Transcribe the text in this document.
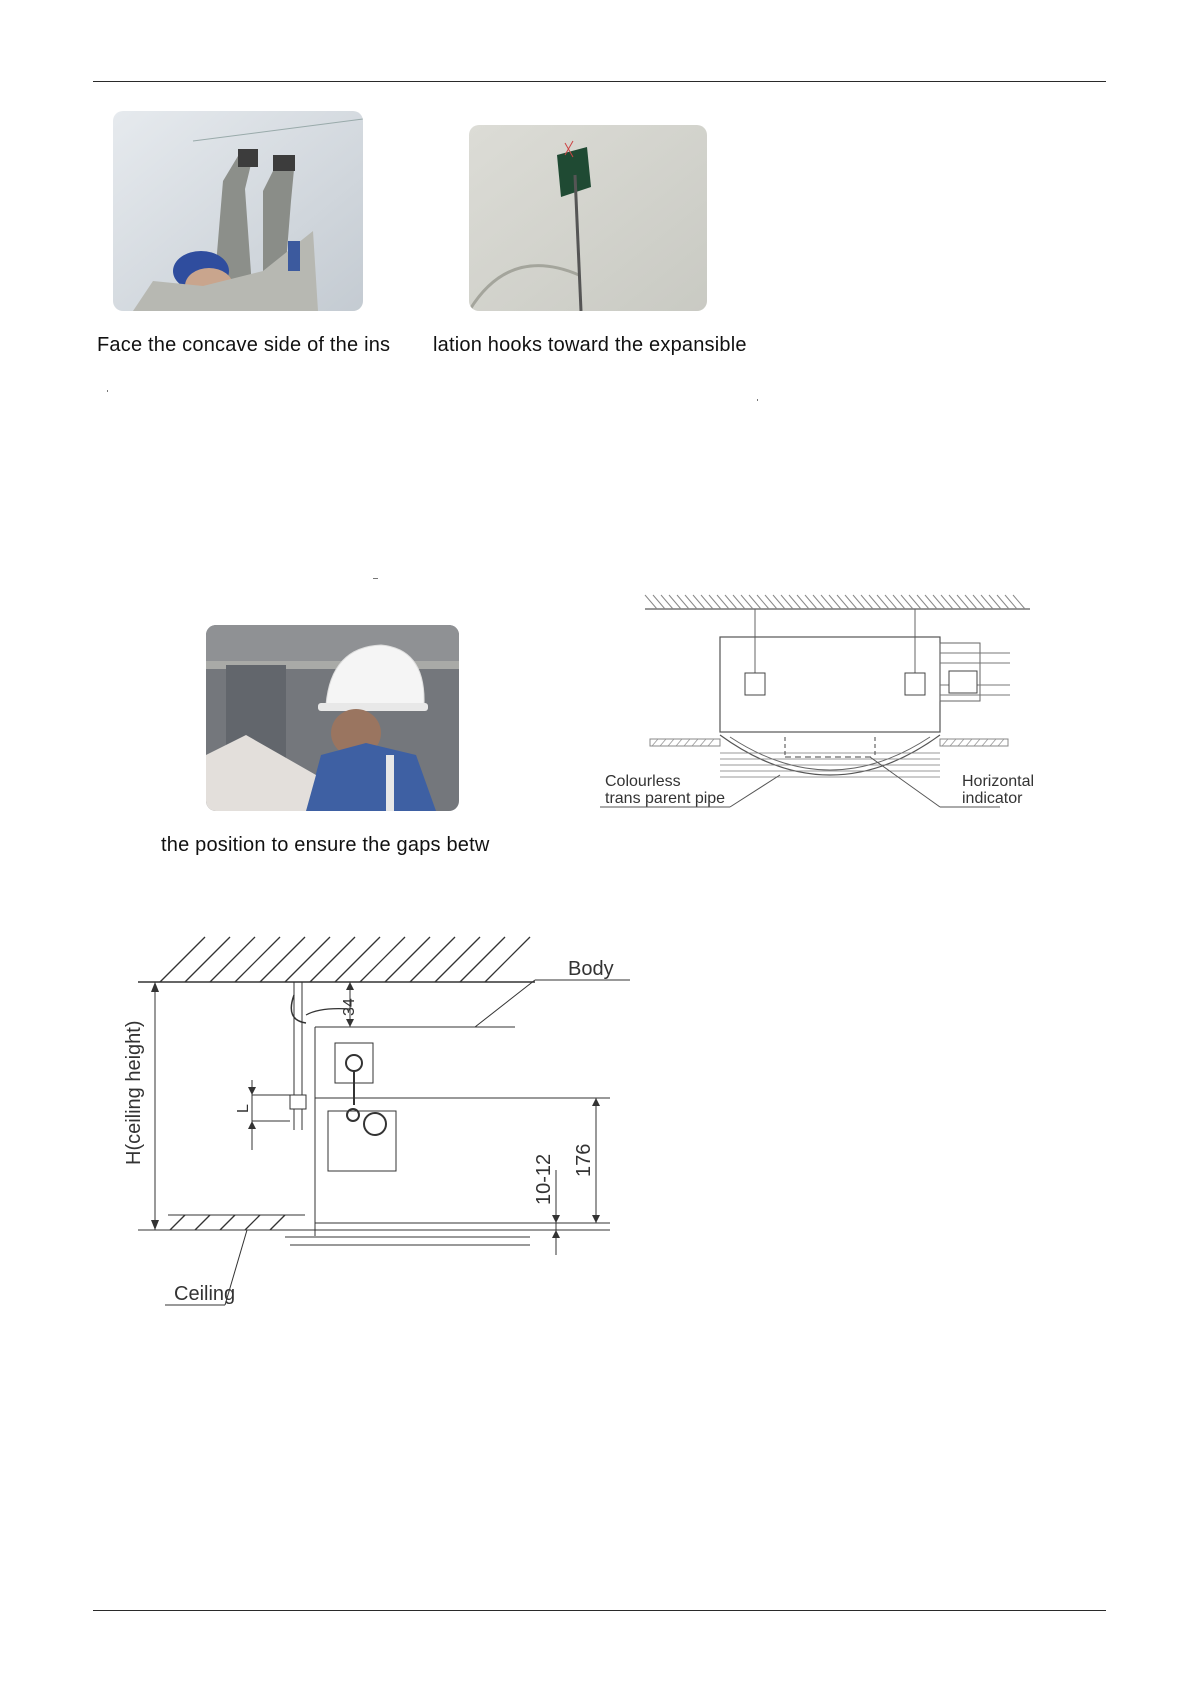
Face the concave side of the ins lation hooks toward the expansible
the position to ensure the gaps betw
Colourless
trans parent pipe
Horizontal
indicator
H(ceiling height)
34
Body
L
176
10-12
Ceiling
